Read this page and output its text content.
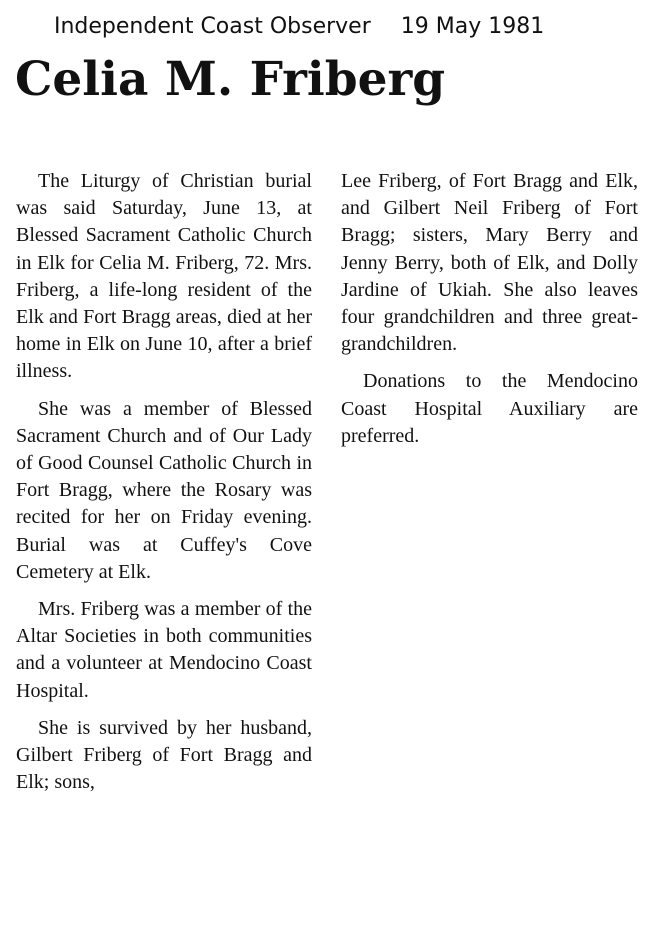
Independent Coast Observer 19 May 1981
Celia M. Friberg

The Liturgy of Christian burial was said Saturday, June 13, at Blessed Sacrament Catholic Church in Elk for Celia M. Friberg, 72. Mrs. Friberg, a life-long resident of the Elk and Fort Bragg areas, died at her home in Elk on June 10, after a brief illness.

She was a member of Blessed Sacrament Church and of Our Lady of Good Counsel Catholic Church in Fort Bragg, where the Rosary was recited for her on Friday evening. Burial was at Cuffey's Cove Cemetery at Elk.

Mrs. Friberg was a member of the Altar Societies in both communities and a volunteer at Mendocino Coast Hospital.

She is survived by her husband, Gilbert Friberg of Fort Bragg and Elk; sons,

Lee Friberg, of Fort Bragg and Elk, and Gilbert Neil Friberg of Fort Bragg; sisters, Mary Berry and Jenny Berry, both of Elk, and Dolly Jardine of Ukiah. She also leaves four grandchildren and three greatgrandchildren.

Donations to the Mendocino Coast Hospital Auxiliary are preferred.
